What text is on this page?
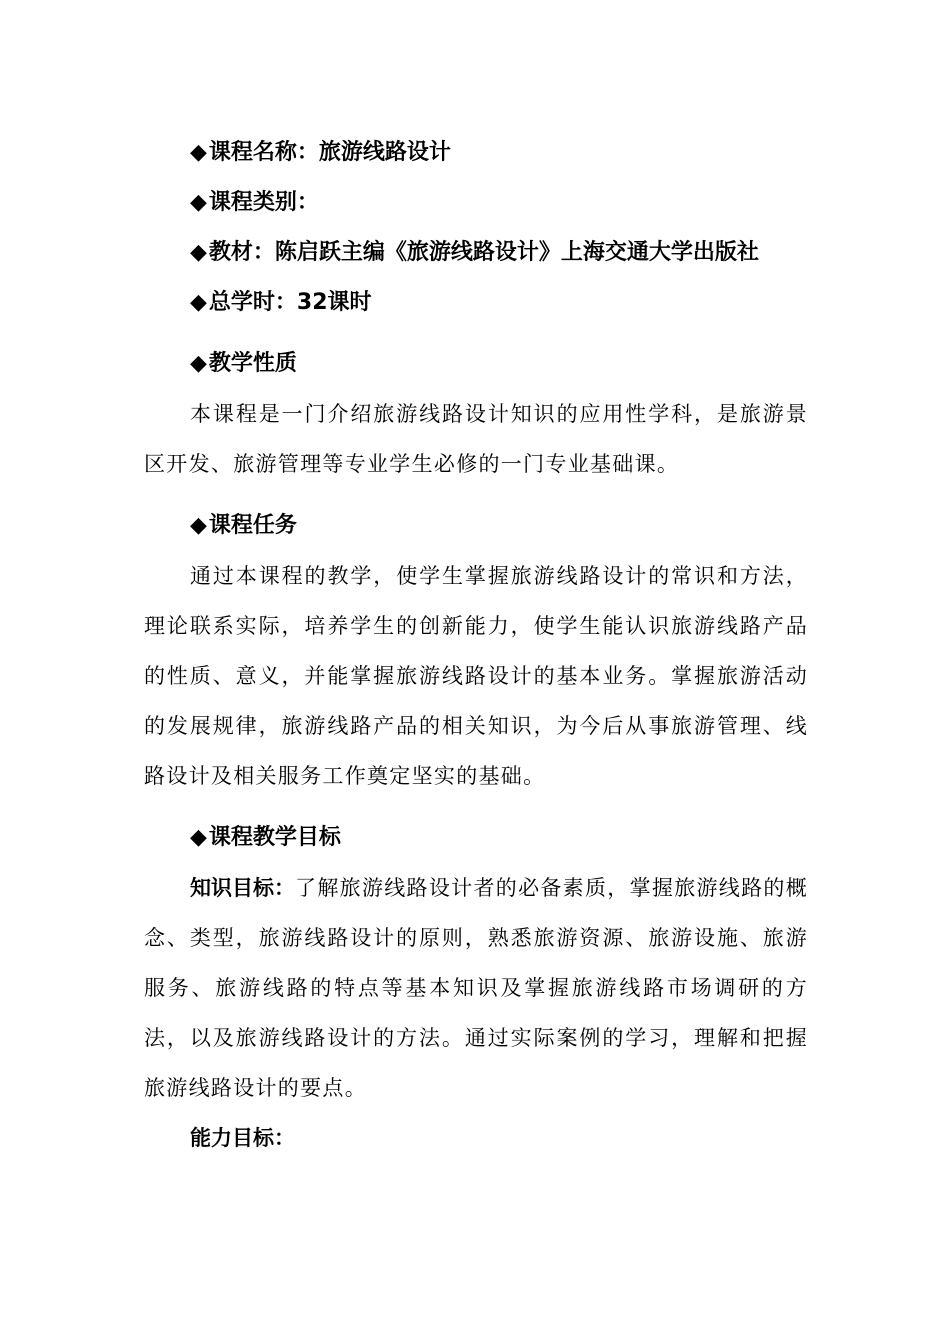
◆课程名称：旅游线路设计

◆课程类别：

◆教材：陈启跃主编《旅游线路设计》上海交通大学出版社

◆总学时：32课时

◆教学性质

本课程是一门介绍旅游线路设计知识的应用性学科，是旅游景区开发、旅游管理等专业学生必修的一门专业基础课。

◆课程任务

通过本课程的教学，使学生掌握旅游线路设计的常识和方法，理论联系实际，培养学生的创新能力，使学生能认识旅游线路产品的性质、意义，并能掌握旅游线路设计的基本业务。掌握旅游活动的发展规律，旅游线路产品的相关知识，为今后从事旅游管理、线路设计及相关服务工作奠定坚实的基础。

◆课程教学目标

知识目标：了解旅游线路设计者的必备素质，掌握旅游线路的概念、类型，旅游线路设计的原则，熟悉旅游资源、旅游设施、旅游服务、旅游线路的特点等基本知识及掌握旅游线路市场调研的方法，以及旅游线路设计的方法。通过实际案例的学习，理解和把握旅游线路设计的要点。

能力目标：
